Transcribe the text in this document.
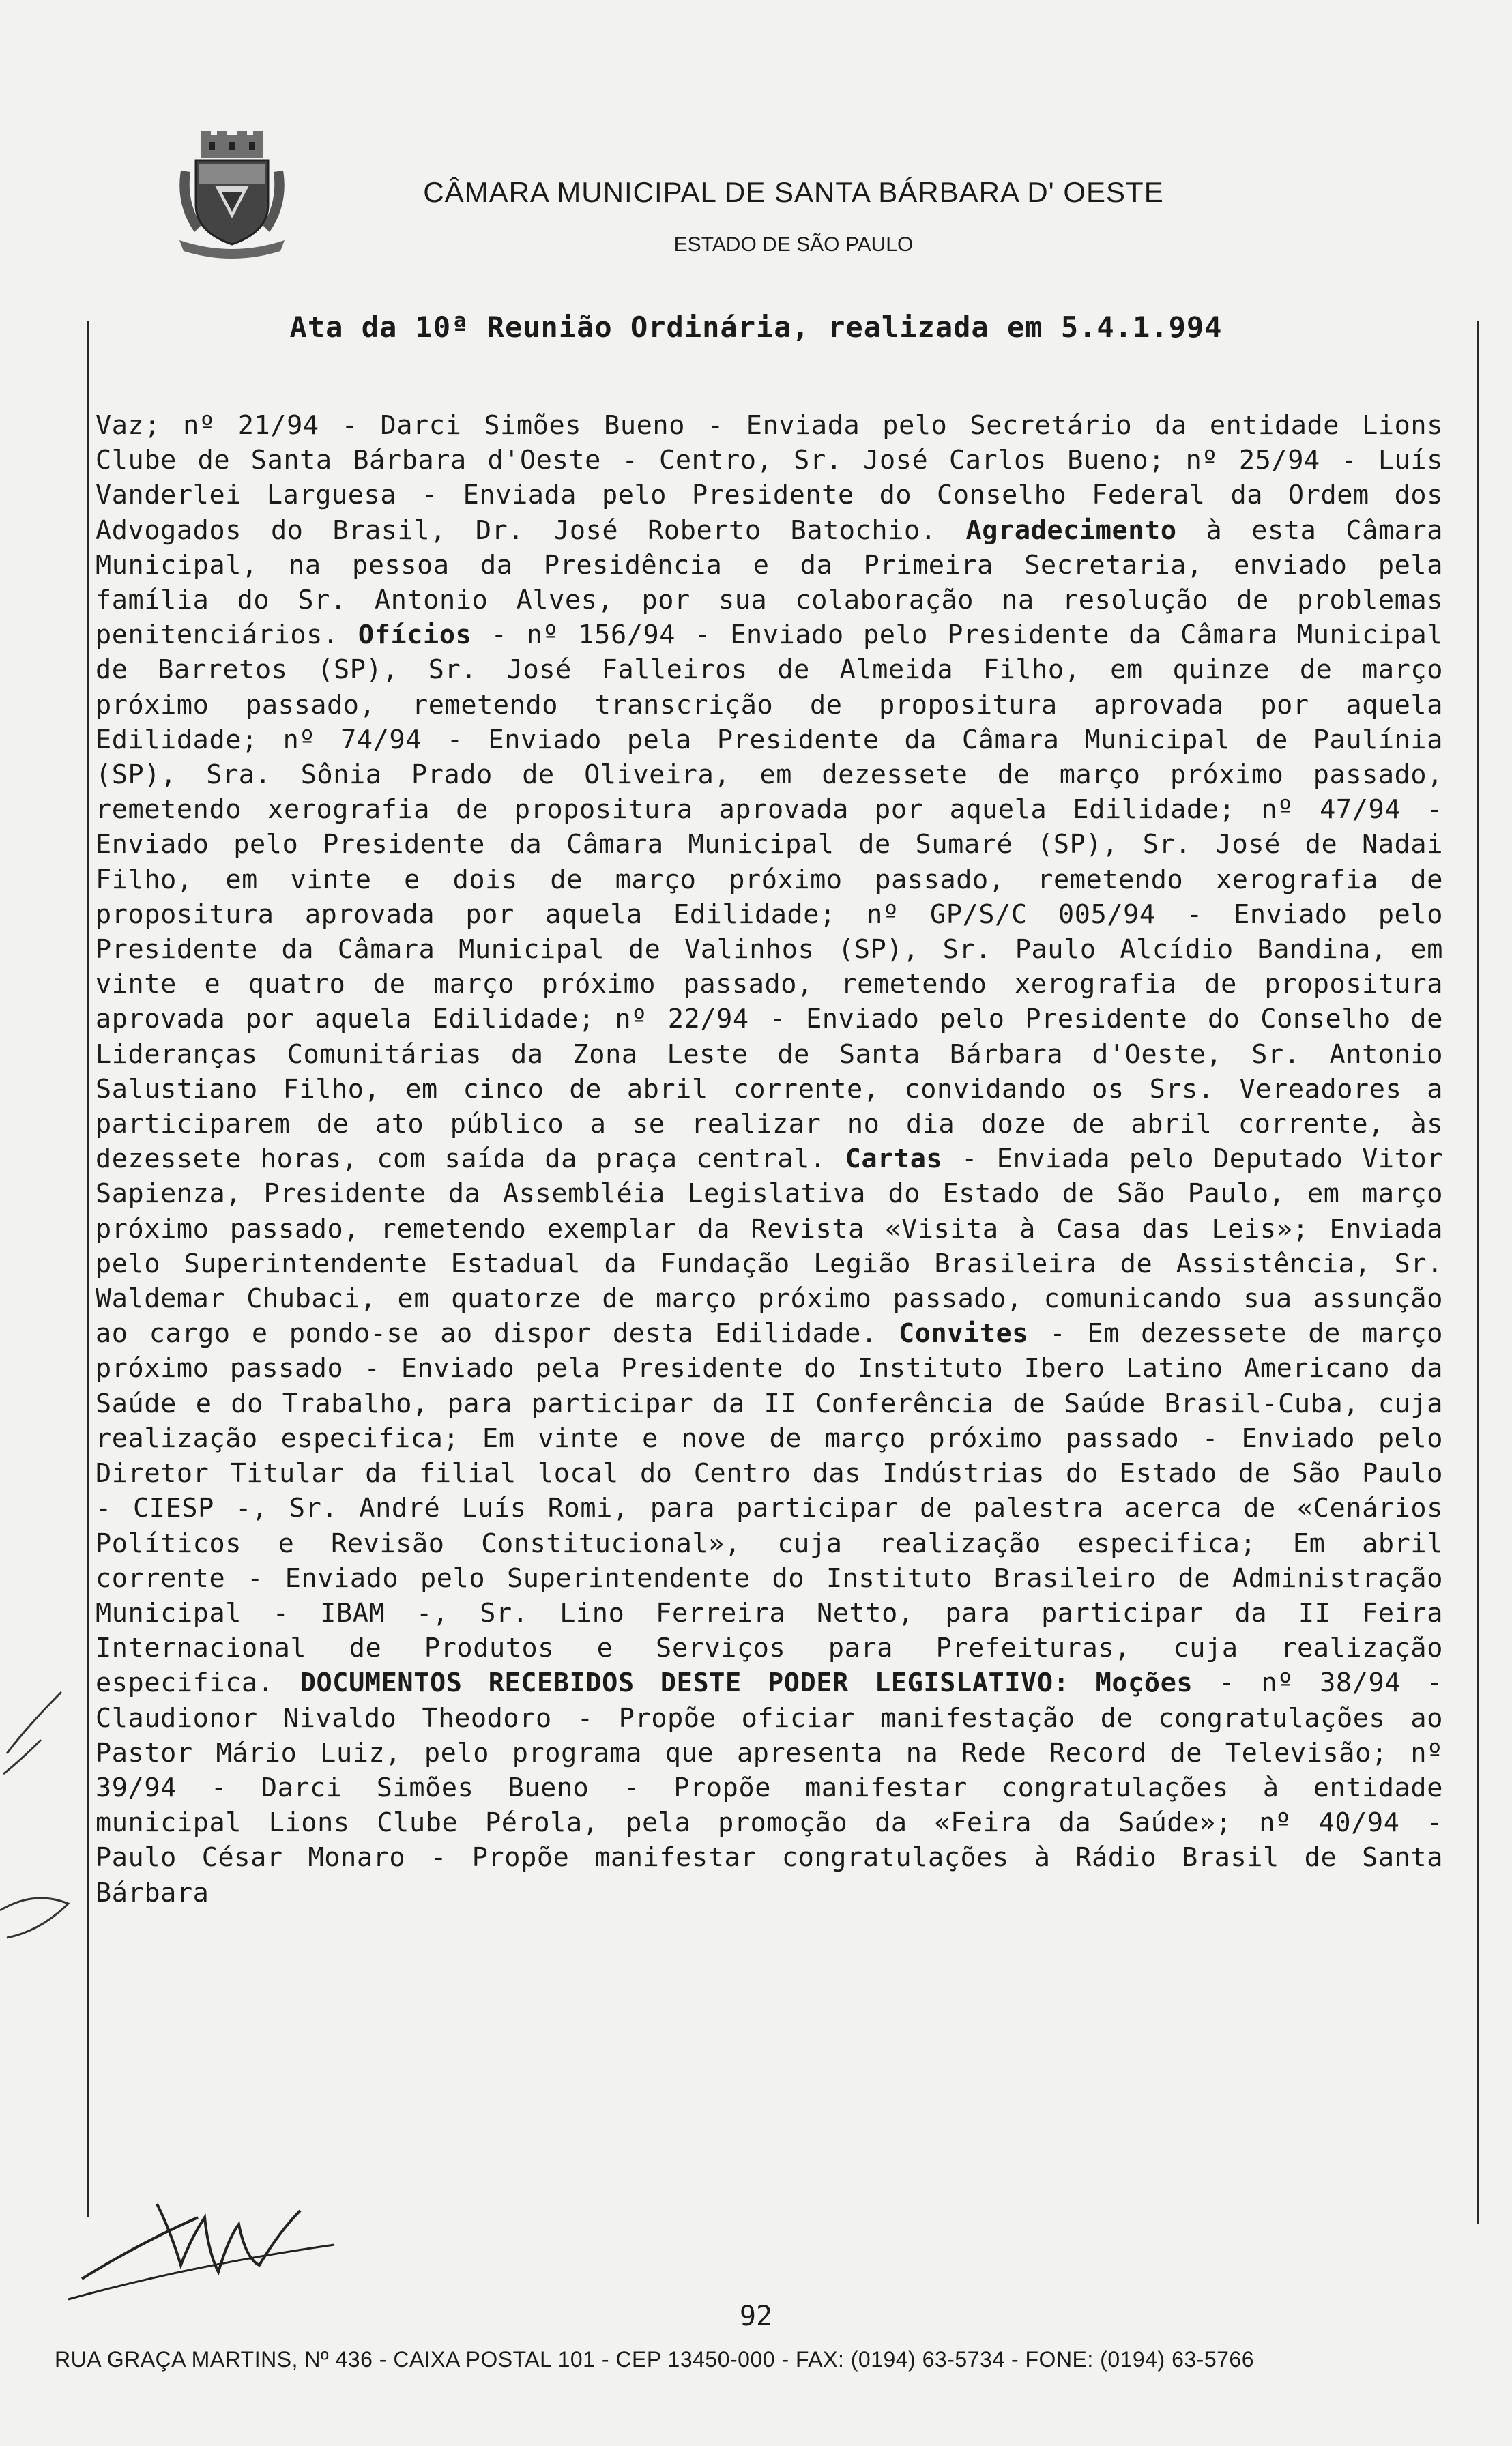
CÂMARA MUNICIPAL DE SANTA BÁRBARA D' OESTE
ESTADO DE SÃO PAULO
Ata da 10ª Reunião Ordinária, realizada em 5.4.1.994
Vaz; nº 21/94 - Darci Simões Bueno - Enviada pelo Secretário da entidade Lions Clube de Santa Bárbara d'Oeste - Centro, Sr. José Carlos Bueno; nº 25/94 - Luís Vanderlei Larguesa - Enviada pelo Presidente do Conselho Federal da Ordem dos Advogados do Brasil, Dr. José Roberto Batochio. Agradecimento à esta Câmara Municipal, na pessoa da Presidência e da Primeira Secretaria, enviado pela família do Sr. Antonio Alves, por sua colaboração na resolução de problemas penitenciários. Ofícios - nº 156/94 - Enviado pelo Presidente da Câmara Municipal de Barretos (SP), Sr. José Falleiros de Almeida Filho, em quinze de março próximo passado, remetendo transcrição de propositura aprovada por aquela Edilidade; nº 74/94 - Enviado pela Presidente da Câmara Municipal de Paulínia (SP), Sra. Sônia Prado de Oliveira, em dezessete de março próximo passado, remetendo xerografia de propositura aprovada por aquela Edilidade; nº 47/94 - Enviado pelo Presidente da Câmara Municipal de Sumaré (SP), Sr. José de Nadai Filho, em vinte e dois de março próximo passado, remetendo xerografia de propositura aprovada por aquela Edilidade; nº GP/S/C 005/94 - Enviado pelo Presidente da Câmara Municipal de Valinhos (SP), Sr. Paulo Alcídio Bandina, em vinte e quatro de março próximo passado, remetendo xerografia de propositura aprovada por aquela Edilidade; nº 22/94 - Enviado pelo Presidente do Conselho de Lideranças Comunitárias da Zona Leste de Santa Bárbara d'Oeste, Sr. Antonio Salustiano Filho, em cinco de abril corrente, convidando os Srs. Vereadores a participarem de ato público a se realizar no dia doze de abril corrente, às dezessete horas, com saída da praça central. Cartas - Enviada pelo Deputado Vitor Sapienza, Presidente da Assembléia Legislativa do Estado de São Paulo, em março próximo passado, remetendo exemplar da Revista «Visita à Casa das Leis»; Enviada pelo Superintendente Estadual da Fundação Legião Brasileira de Assistência, Sr. Waldemar Chubaci, em quatorze de março próximo passado, comunicando sua assunção ao cargo e pondo-se ao dispor desta Edilidade. Convites - Em dezessete de março próximo passado - Enviado pela Presidente do Instituto Ibero Latino Americano da Saúde e do Trabalho, para participar da II Conferência de Saúde Brasil-Cuba, cuja realização especifica; Em vinte e nove de março próximo passado - Enviado pelo Diretor Titular da filial local do Centro das Indústrias do Estado de São Paulo - CIESP -, Sr. André Luís Romi, para participar de palestra acerca de «Cenários Políticos e Revisão Constitucional», cuja realização especifica; Em abril corrente - Enviado pelo Superintendente do Instituto Brasileiro de Administração Municipal - IBAM -, Sr. Lino Ferreira Netto, para participar da II Feira Internacional de Produtos e Serviços para Prefeituras, cuja realização especifica. DOCUMENTOS RECEBIDOS DESTE PODER LEGISLATIVO: Moções - nº 38/94 - Claudionor Nivaldo Theodoro - Propõe oficiar manifestação de congratulações ao Pastor Mário Luiz, pelo programa que apresenta na Rede Record de Televisão; nº 39/94 - Darci Simões Bueno - Propõe manifestar congratulações à entidade municipal Lions Clube Pérola, pela promoção da «Feira da Saúde»; nº 40/94 - Paulo César Monaro - Propõe manifestar congratulações à Rádio Brasil de Santa Bárbara
92
RUA GRAÇA MARTINS, Nº 436 - CAIXA POSTAL 101 - CEP 13450-000 - FAX: (0194) 63-5734 - FONE: (0194) 63-5766
